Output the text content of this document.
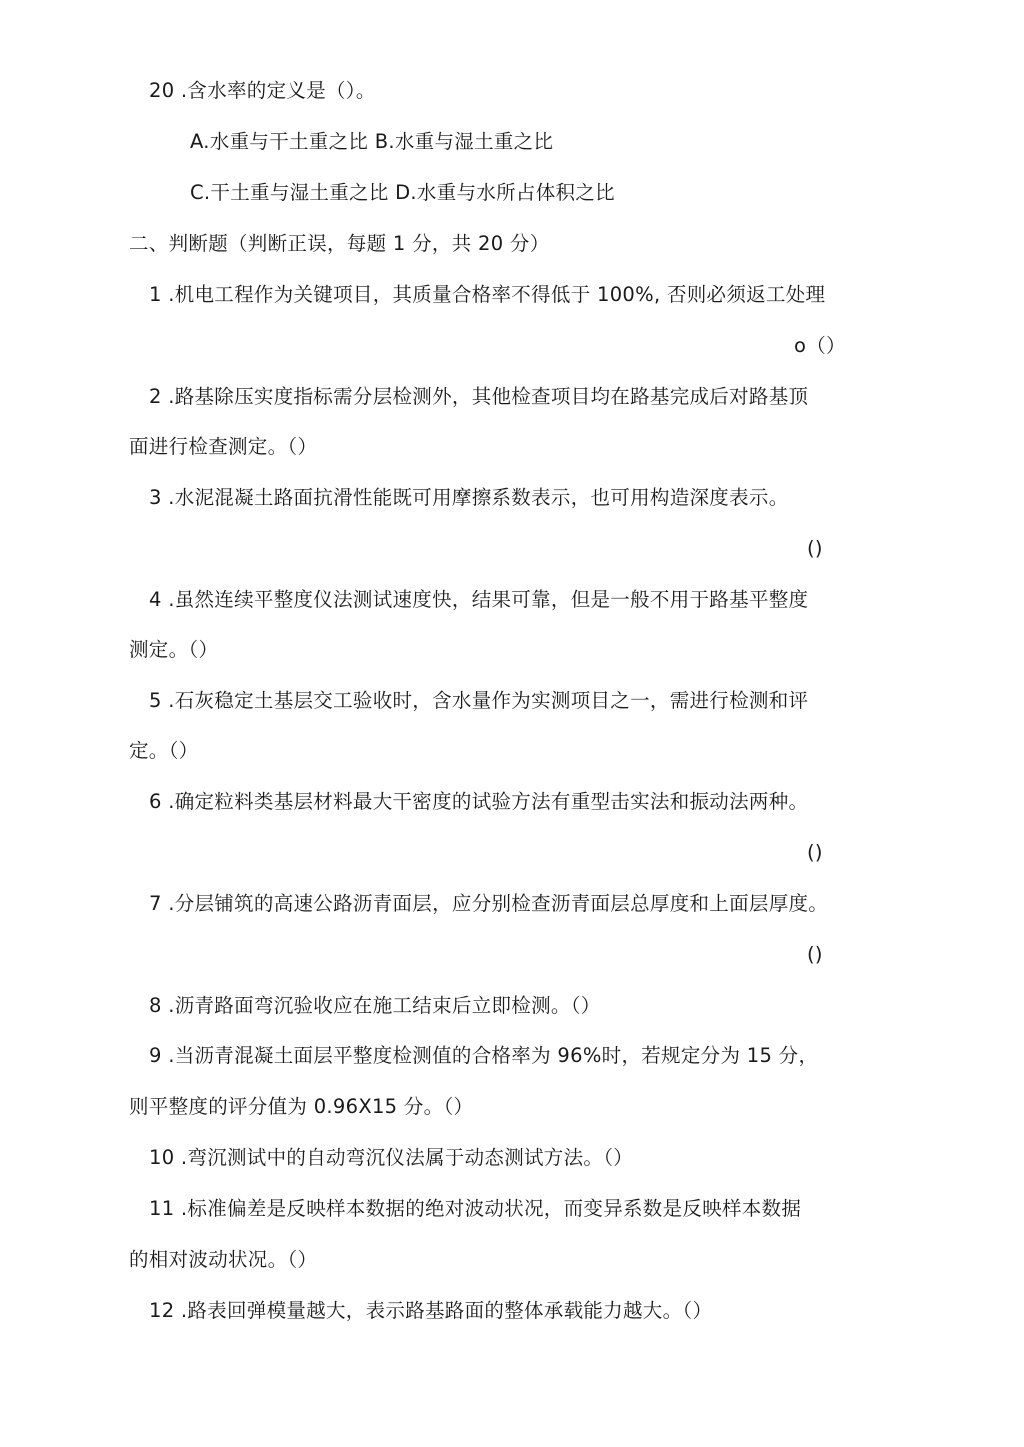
20 .含水率的定义是（）。
A.水重与干土重之比 B.水重与湿土重之比
C.干土重与湿土重之比 D.水重与水所占体积之比
二、判断题（判断正误，每题 1 分，共 20 分）
1 .机电工程作为关键项目，其质量合格率不得低于 100%, 否则必须返工处理
o（）
2 .路基除压实度指标需分层检测外，其他检查项目均在路基完成后对路基顶
面进行检查测定。（）
3 .水泥混凝土路面抗滑性能既可用摩擦系数表示，也可用构造深度表示。
()
4 .虽然连续平整度仪法测试速度快，结果可靠，但是一般不用于路基平整度
测定。（）
5 .石灰稳定土基层交工验收时，含水量作为实测项目之一，需进行检测和评
定。（）
6 .确定粒料类基层材料最大干密度的试验方法有重型击实法和振动法两种。
()
7 .分层铺筑的高速公路沥青面层，应分别检查沥青面层总厚度和上面层厚度。
()
8 .沥青路面弯沉验收应在施工结束后立即检测。（）
9 .当沥青混凝土面层平整度检测值的合格率为 96%时，若规定分为 15 分，
则平整度的评分值为 0.96X15 分。（）
10 .弯沉测试中的自动弯沉仪法属于动态测试方法。（）
11 .标准偏差是反映样本数据的绝对波动状况，而变异系数是反映样本数据
的相对波动状况。（）
12 .路表回弹模量越大，表示路基路面的整体承载能力越大。（）
